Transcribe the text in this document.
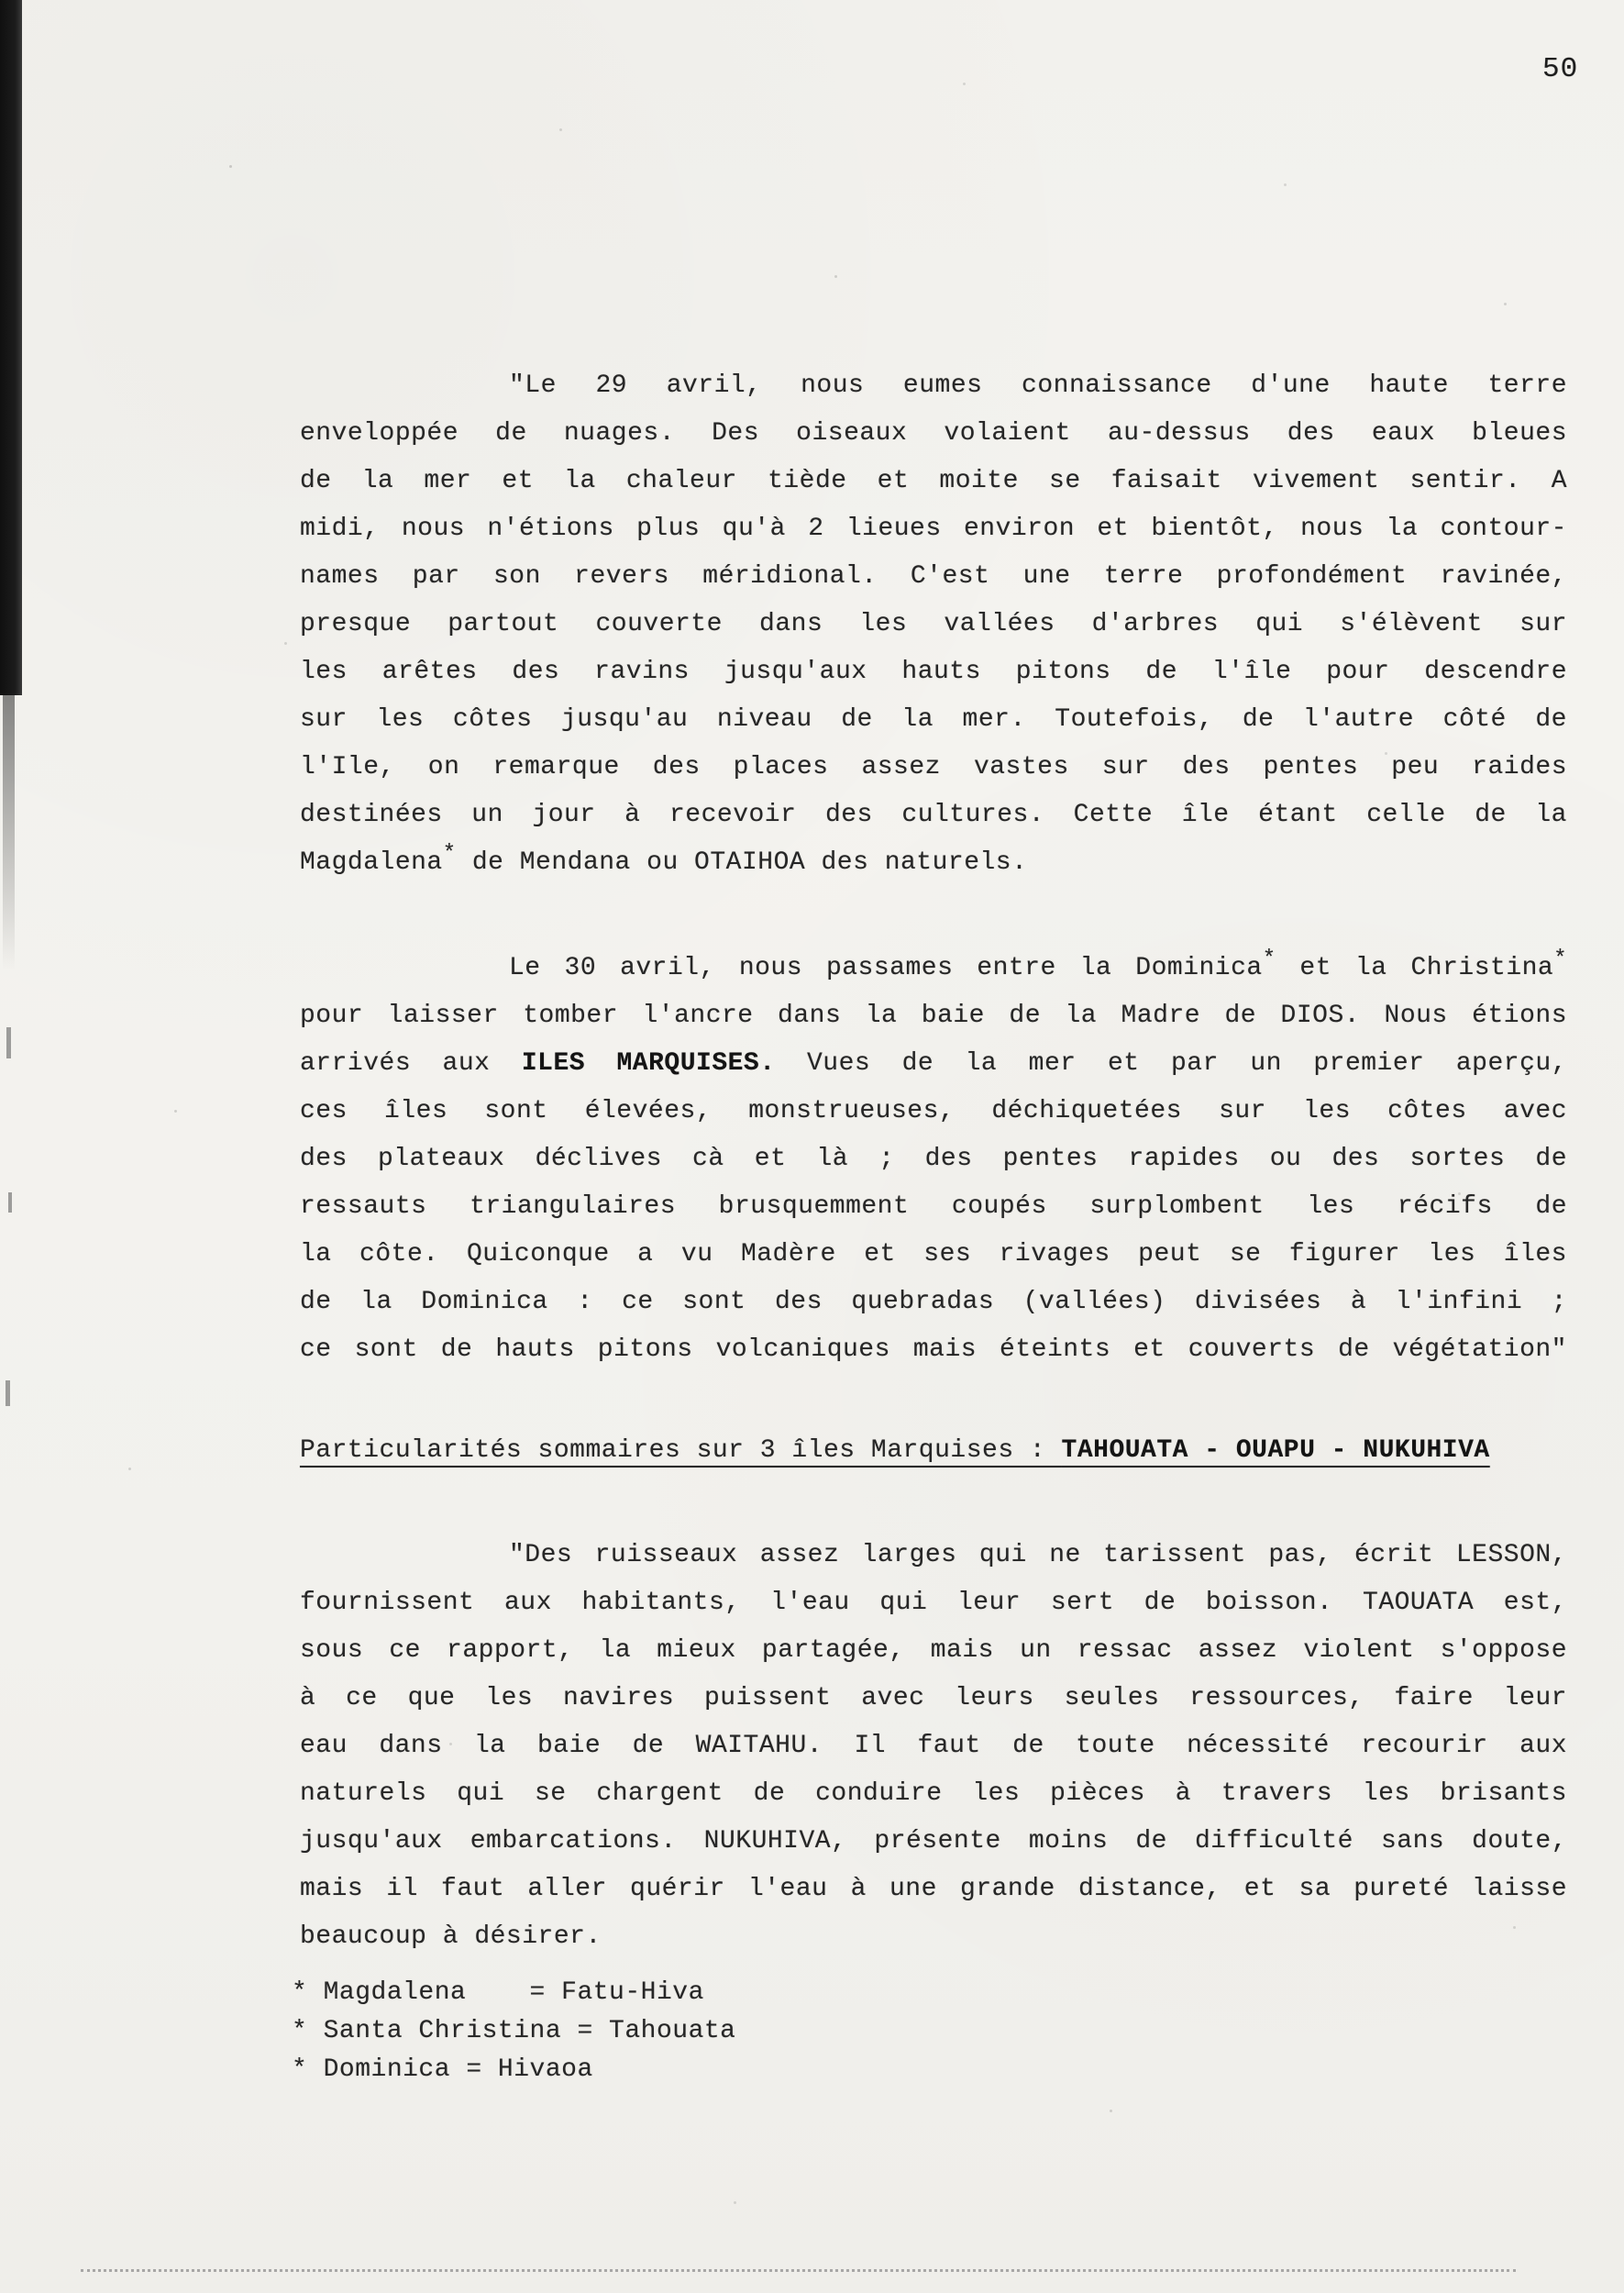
50
"Le 29 avril, nous eumes connaissance d'une haute terre
enveloppée de nuages. Des oiseaux volaient au-dessus des eaux bleues
de la mer et la chaleur tiède et moite se faisait vivement sentir. A
midi, nous n'étions plus qu'à 2 lieues environ et bientôt, nous la contour-
names par son revers méridional. C'est une terre profondément ravinée,
presque partout couverte dans les vallées d'arbres qui s'élèvent sur
les arêtes des ravins jusqu'aux hauts pitons de l'île pour descendre
sur les côtes jusqu'au niveau de la mer. Toutefois, de l'autre côté de
l'Ile, on remarque des places assez vastes sur des pentes peu raides
destinées un jour à recevoir des cultures. Cette île étant celle de la
Magdalena* de Mendana ou OTAIHOA des naturels.
Le 30 avril, nous passames entre la Dominica* et la Christina*
pour laisser tomber l'ancre dans la baie de la Madre de DIOS. Nous étions
arrivés aux ILES MARQUISES. Vues de la mer et par un premier aperçu,
ces îles sont élevées, monstrueuses, déchiquetées sur les côtes avec
des plateaux déclives cà et là ; des pentes rapides ou des sortes de
ressauts triangulaires brusquemment coupés surplombent les récifs de
la côte. Quiconque a vu Madère et ses rivages peut se figurer les îles
de la Dominica : ce sont des quebradas (vallées) divisées à l'infini ;
ce sont de hauts pitons volcaniques mais éteints et couverts de végétation"
Particularités sommaires sur 3 îles Marquises : TAHOUATA - OUAPU - NUKUHIVA
"Des ruisseaux assez larges qui ne tarissent pas, écrit LESSON,
fournissent aux habitants, l'eau qui leur sert de boisson. TAOUATA est,
sous ce rapport, la mieux partagée, mais un ressac assez violent s'oppose
à ce que les navires puissent avec leurs seules ressources, faire leur
eau dans la baie de WAITAHU. Il faut de toute nécessité recourir aux
naturels qui se chargent de conduire les pièces à travers les brisants
jusqu'aux embarcations. NUKUHIVA, présente moins de difficulté sans doute,
mais il faut aller quérir l'eau à une grande distance, et sa pureté laisse
beaucoup à désirer.
* Magdalena    = Fatu-Hiva
* Santa Christina = Tahouata
* Dominica = Hivaoa
